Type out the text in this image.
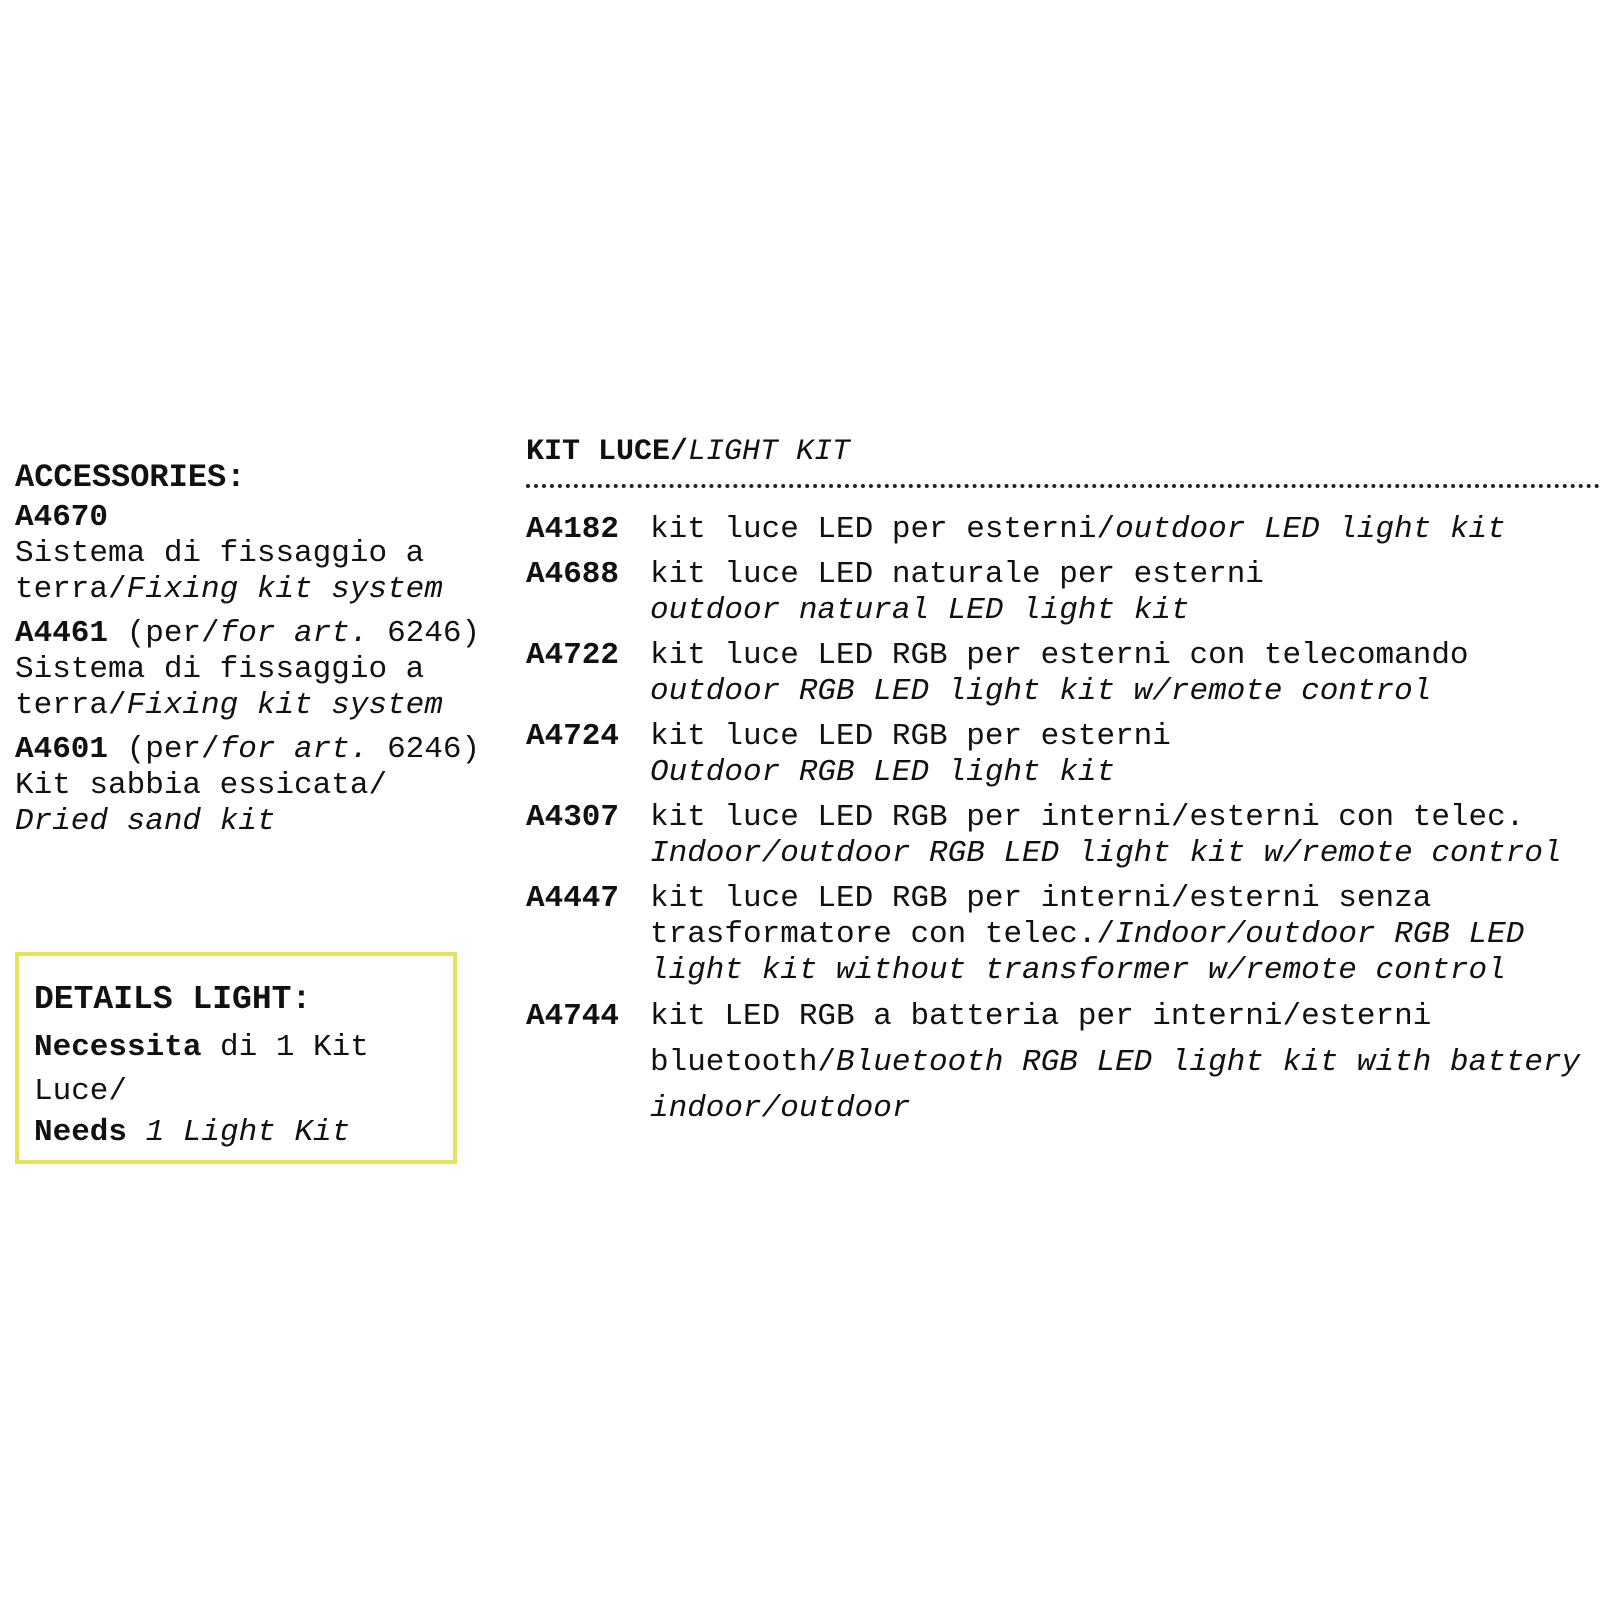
ACCESSORIES:
A4670
Sistema di fissaggio a
terra/Fixing kit system
A4461 (per/for art. 6246)
Sistema di fissaggio a
terra/Fixing kit system
A4601 (per/for art. 6246)
Kit sabbia essicata/
Dried sand kit
DETAILS LIGHT:
Necessita di 1 Kit Luce/
Needs 1 Light Kit
KIT LUCE/LIGHT KIT
A4182 kit luce LED per esterni/outdoor LED light kit
A4688 kit luce LED naturale per esterni
outdoor natural LED light kit
A4722 kit luce LED RGB per esterni con telecomando
outdoor RGB LED light kit w/remote control
A4724 kit luce LED RGB per esterni
Outdoor RGB LED light kit
A4307 kit luce LED RGB per interni/esterni con telec.
Indoor/outdoor RGB LED light kit w/remote control
A4447 kit luce LED RGB per interni/esterni senza trasformatore con telec./Indoor/outdoor RGB LED light kit without transformer w/remote control
A4744 kit LED RGB a batteria per interni/esterni bluetooth/Bluetooth RGB LED light kit with battery indoor/outdoor
